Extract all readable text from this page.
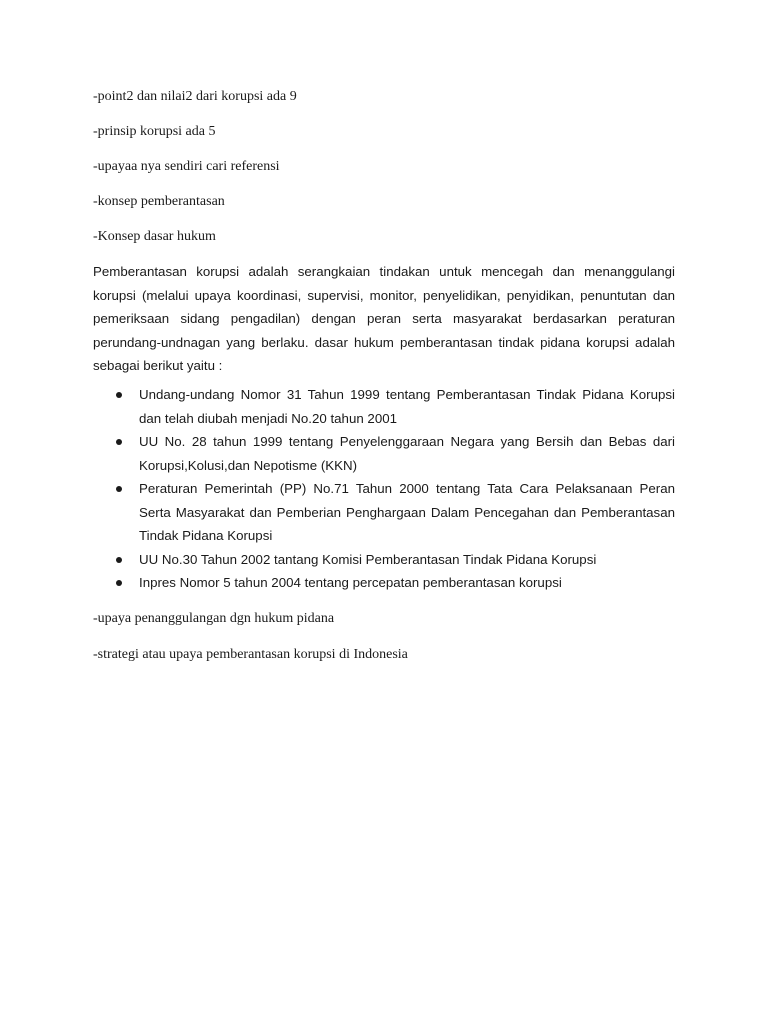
-point2 dan nilai2 dari korupsi ada 9
-prinsip korupsi ada 5
-upayaa nya sendiri cari referensi
-konsep pemberantasan
-Konsep dasar hukum

Pemberantasan korupsi adalah serangkaian tindakan untuk mencegah dan menanggulangi korupsi (melalui upaya koordinasi, supervisi, monitor, penyelidikan, penyidikan, penuntutan dan pemeriksaan sidang pengadilan) dengan peran serta masyarakat berdasarkan peraturan perundang-undnagan yang berlaku. dasar hukum pemberantasan tindak pidana korupsi adalah sebagai berikut yaitu :

Undang-undang Nomor 31 Tahun 1999 tentang Pemberantasan Tindak Pidana Korupsi dan telah diubah menjadi No.20 tahun 2001
UU No. 28 tahun 1999 tentang Penyelenggaraan Negara yang Bersih dan Bebas dari Korupsi,Kolusi,dan Nepotisme (KKN)
Peraturan Pemerintah (PP) No.71 Tahun 2000 tentang Tata Cara Pelaksanaan Peran Serta Masyarakat dan Pemberian Penghargaan Dalam Pencegahan dan Pemberantasan Tindak Pidana Korupsi
UU No.30 Tahun 2002 tantang Komisi Pemberantasan Tindak Pidana Korupsi
Inpres Nomor 5 tahun 2004 tentang percepatan pemberantasan korupsi
-upaya penanggulangan dgn hukum pidana
-strategi atau upaya pemberantasan korupsi di Indonesia
